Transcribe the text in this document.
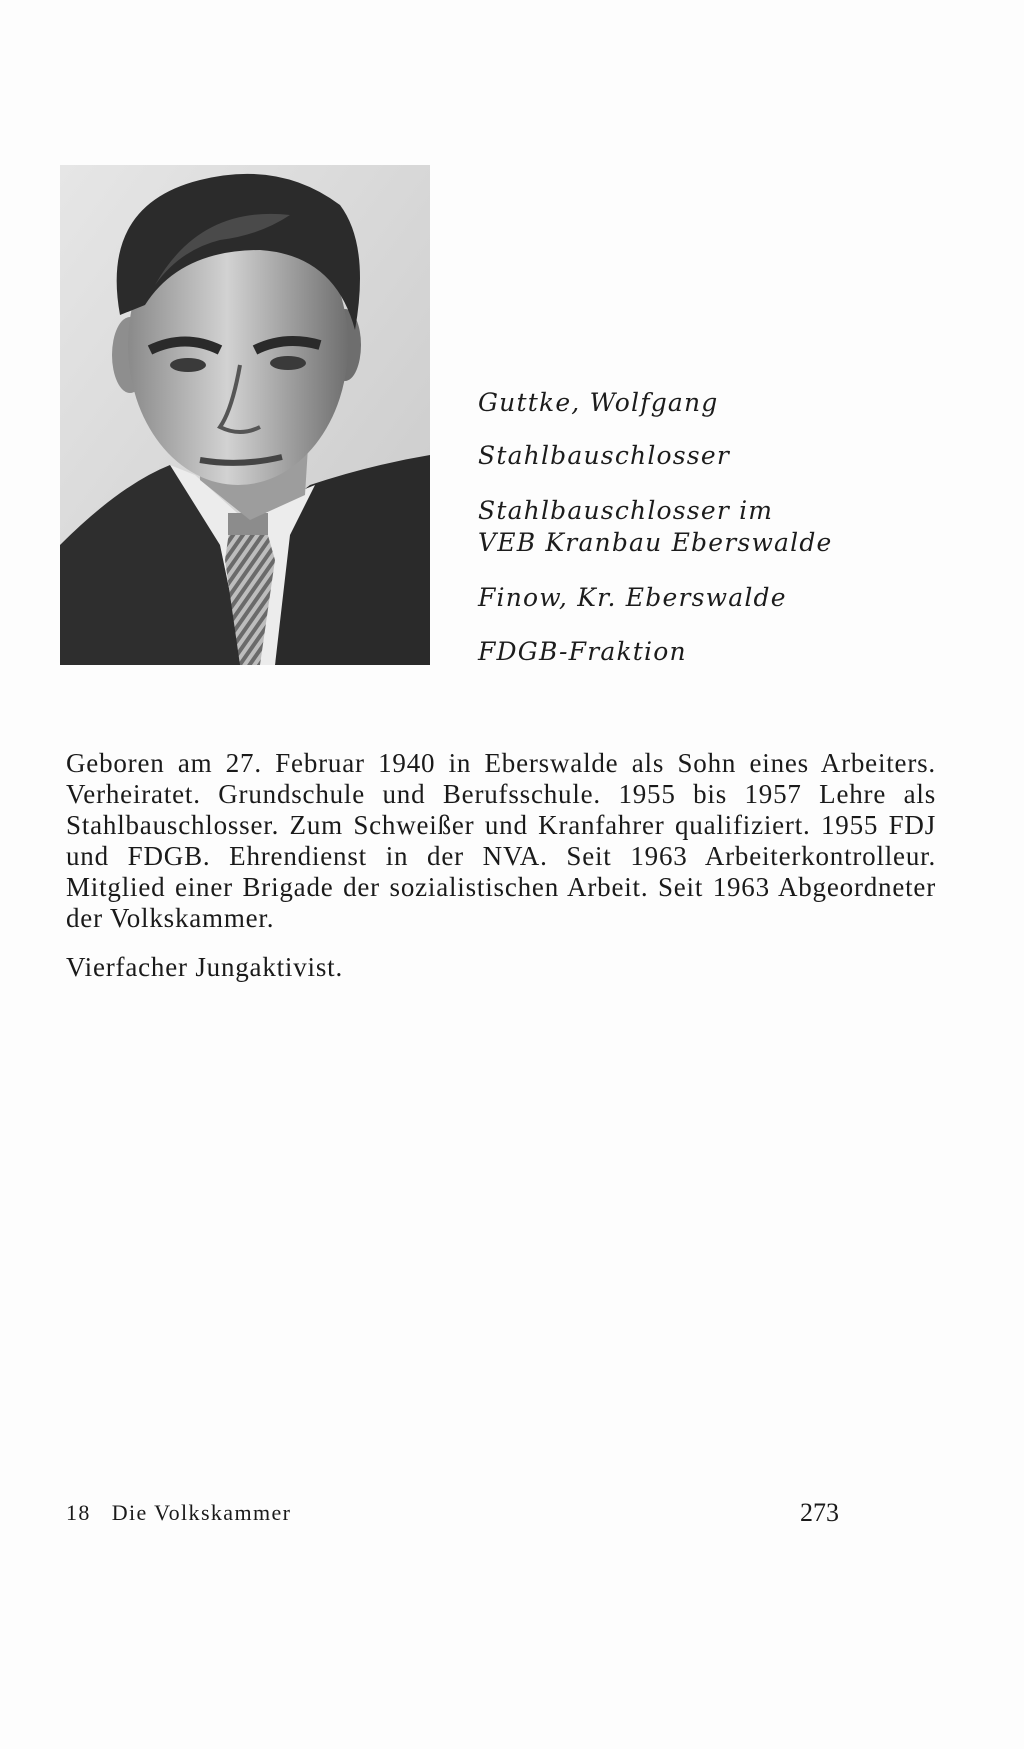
Guttke, Wolfgang
Stahlbauschlosser
Stahlbauschlosser im
VEB Kranbau Eberswalde
Finow, Kr. Eberswalde
FDGB-Fraktion

Geboren am 27. Februar 1940 in Eberswalde als Sohn eines Arbeiters. Verheiratet. Grundschule und Berufsschule. 1955 bis 1957 Lehre als Stahlbauschlosser. Zum Schweißer und Kranfahrer qualifiziert. 1955 FDJ und FDGB. Ehrendienst in der NVA. Seit 1963 Arbeiterkontrolleur. Mitglied einer Brigade der sozialistischen Arbeit. Seit 1963 Abgeordneter der Volkskammer.

Vierfacher Jungaktivist.

18 Die Volkskammer	273
